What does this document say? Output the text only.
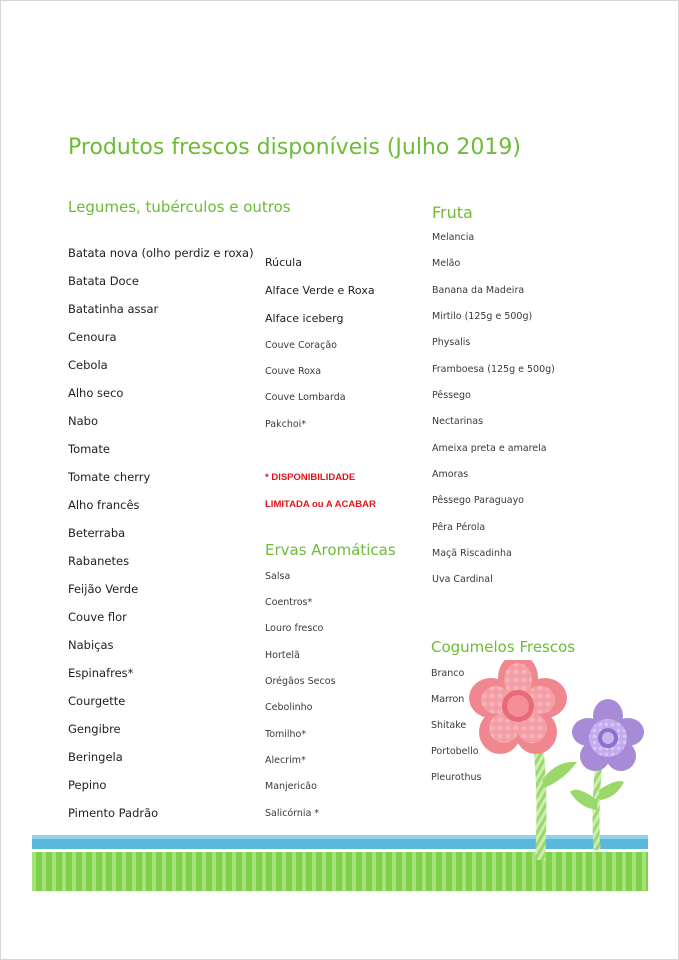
Produtos frescos disponíveis (Julho 2019)
Legumes, tubérculos e outros
Batata nova (olho perdiz e roxa)
Batata Doce
Batatinha assar
Cenoura
Cebola
Alho seco
Nabo
Tomate
Tomate cherry
Alho francês
Beterraba
Rabanetes
Feijão Verde
Couve flor
Nabiças
Espinafres*
Courgette
Gengibre
Beringela
Pepino
Pimento Padrão
Rúcula
Alface Verde e Roxa
Alface iceberg
Couve Coração
Couve Roxa
Couve Lombarda
Pakchoi*
* DISPONIBILIDADE
LIMITADA ou A ACABAR
Ervas Aromáticas
Salsa
Coentros*
Louro fresco
Hortelã
Orégãos Secos
Cebolinho
Tomilho*
Alecrim*
Manjericão
Salicórnia *
Fruta
Melancia
Melão
Banana da Madeira
Mirtilo (125g e 500g)
Physalis
Framboesa (125g e 500g)
Pêssego
Nectarinas
Ameixa preta e amarela
Amoras
Pêssego Paraguayo
Pêra Pérola
Maçã Riscadinha
Uva Cardinal
Cogumelos Frescos
Branco
Marron
Shitake
Portobello
Pleurothus
